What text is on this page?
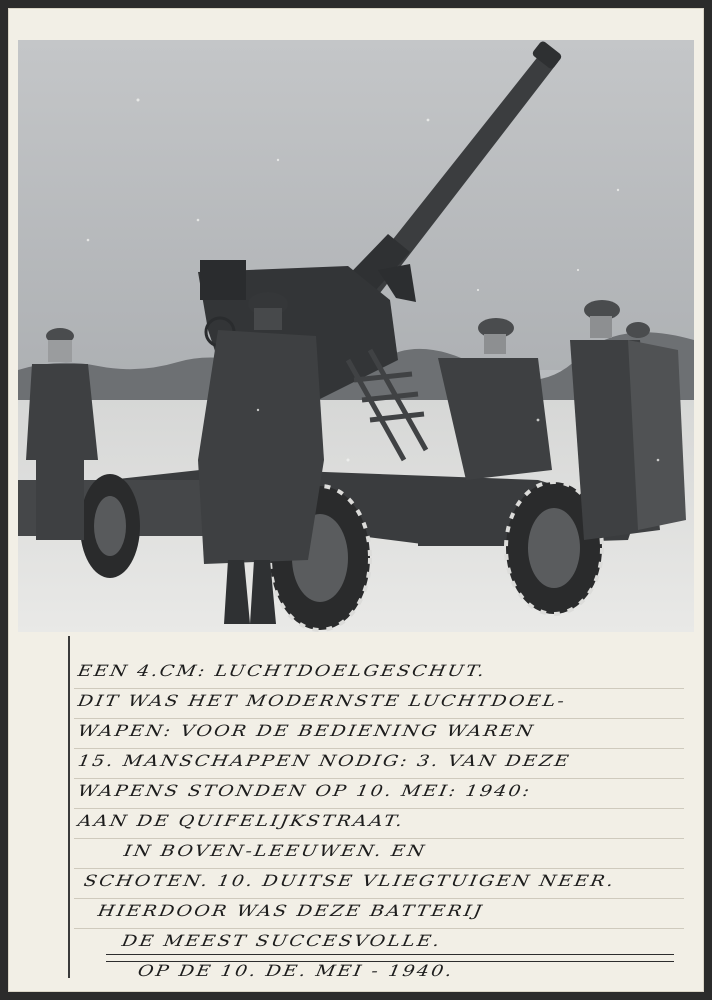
EEN 4.CM: LUCHTDOELGESCHUT.
DIT WAS HET MODERNSTE LUCHTDOEL-
WAPEN: VOOR DE BEDIENING WAREN
15. MANSCHAPPEN NODIG: 3. VAN DEZE
WAPENS STONDEN OP 10. MEI: 1940:
AAN DE QUIFELIJKSTRAAT.
IN BOVEN-LEEUWEN. EN
SCHOTEN. 10. DUITSE VLIEGTUIGEN NEER.
HIERDOOR WAS DEZE BATTERIJ
DE MEEST SUCCESVOLLE.
OP DE 10. DE. MEI - 1940.
